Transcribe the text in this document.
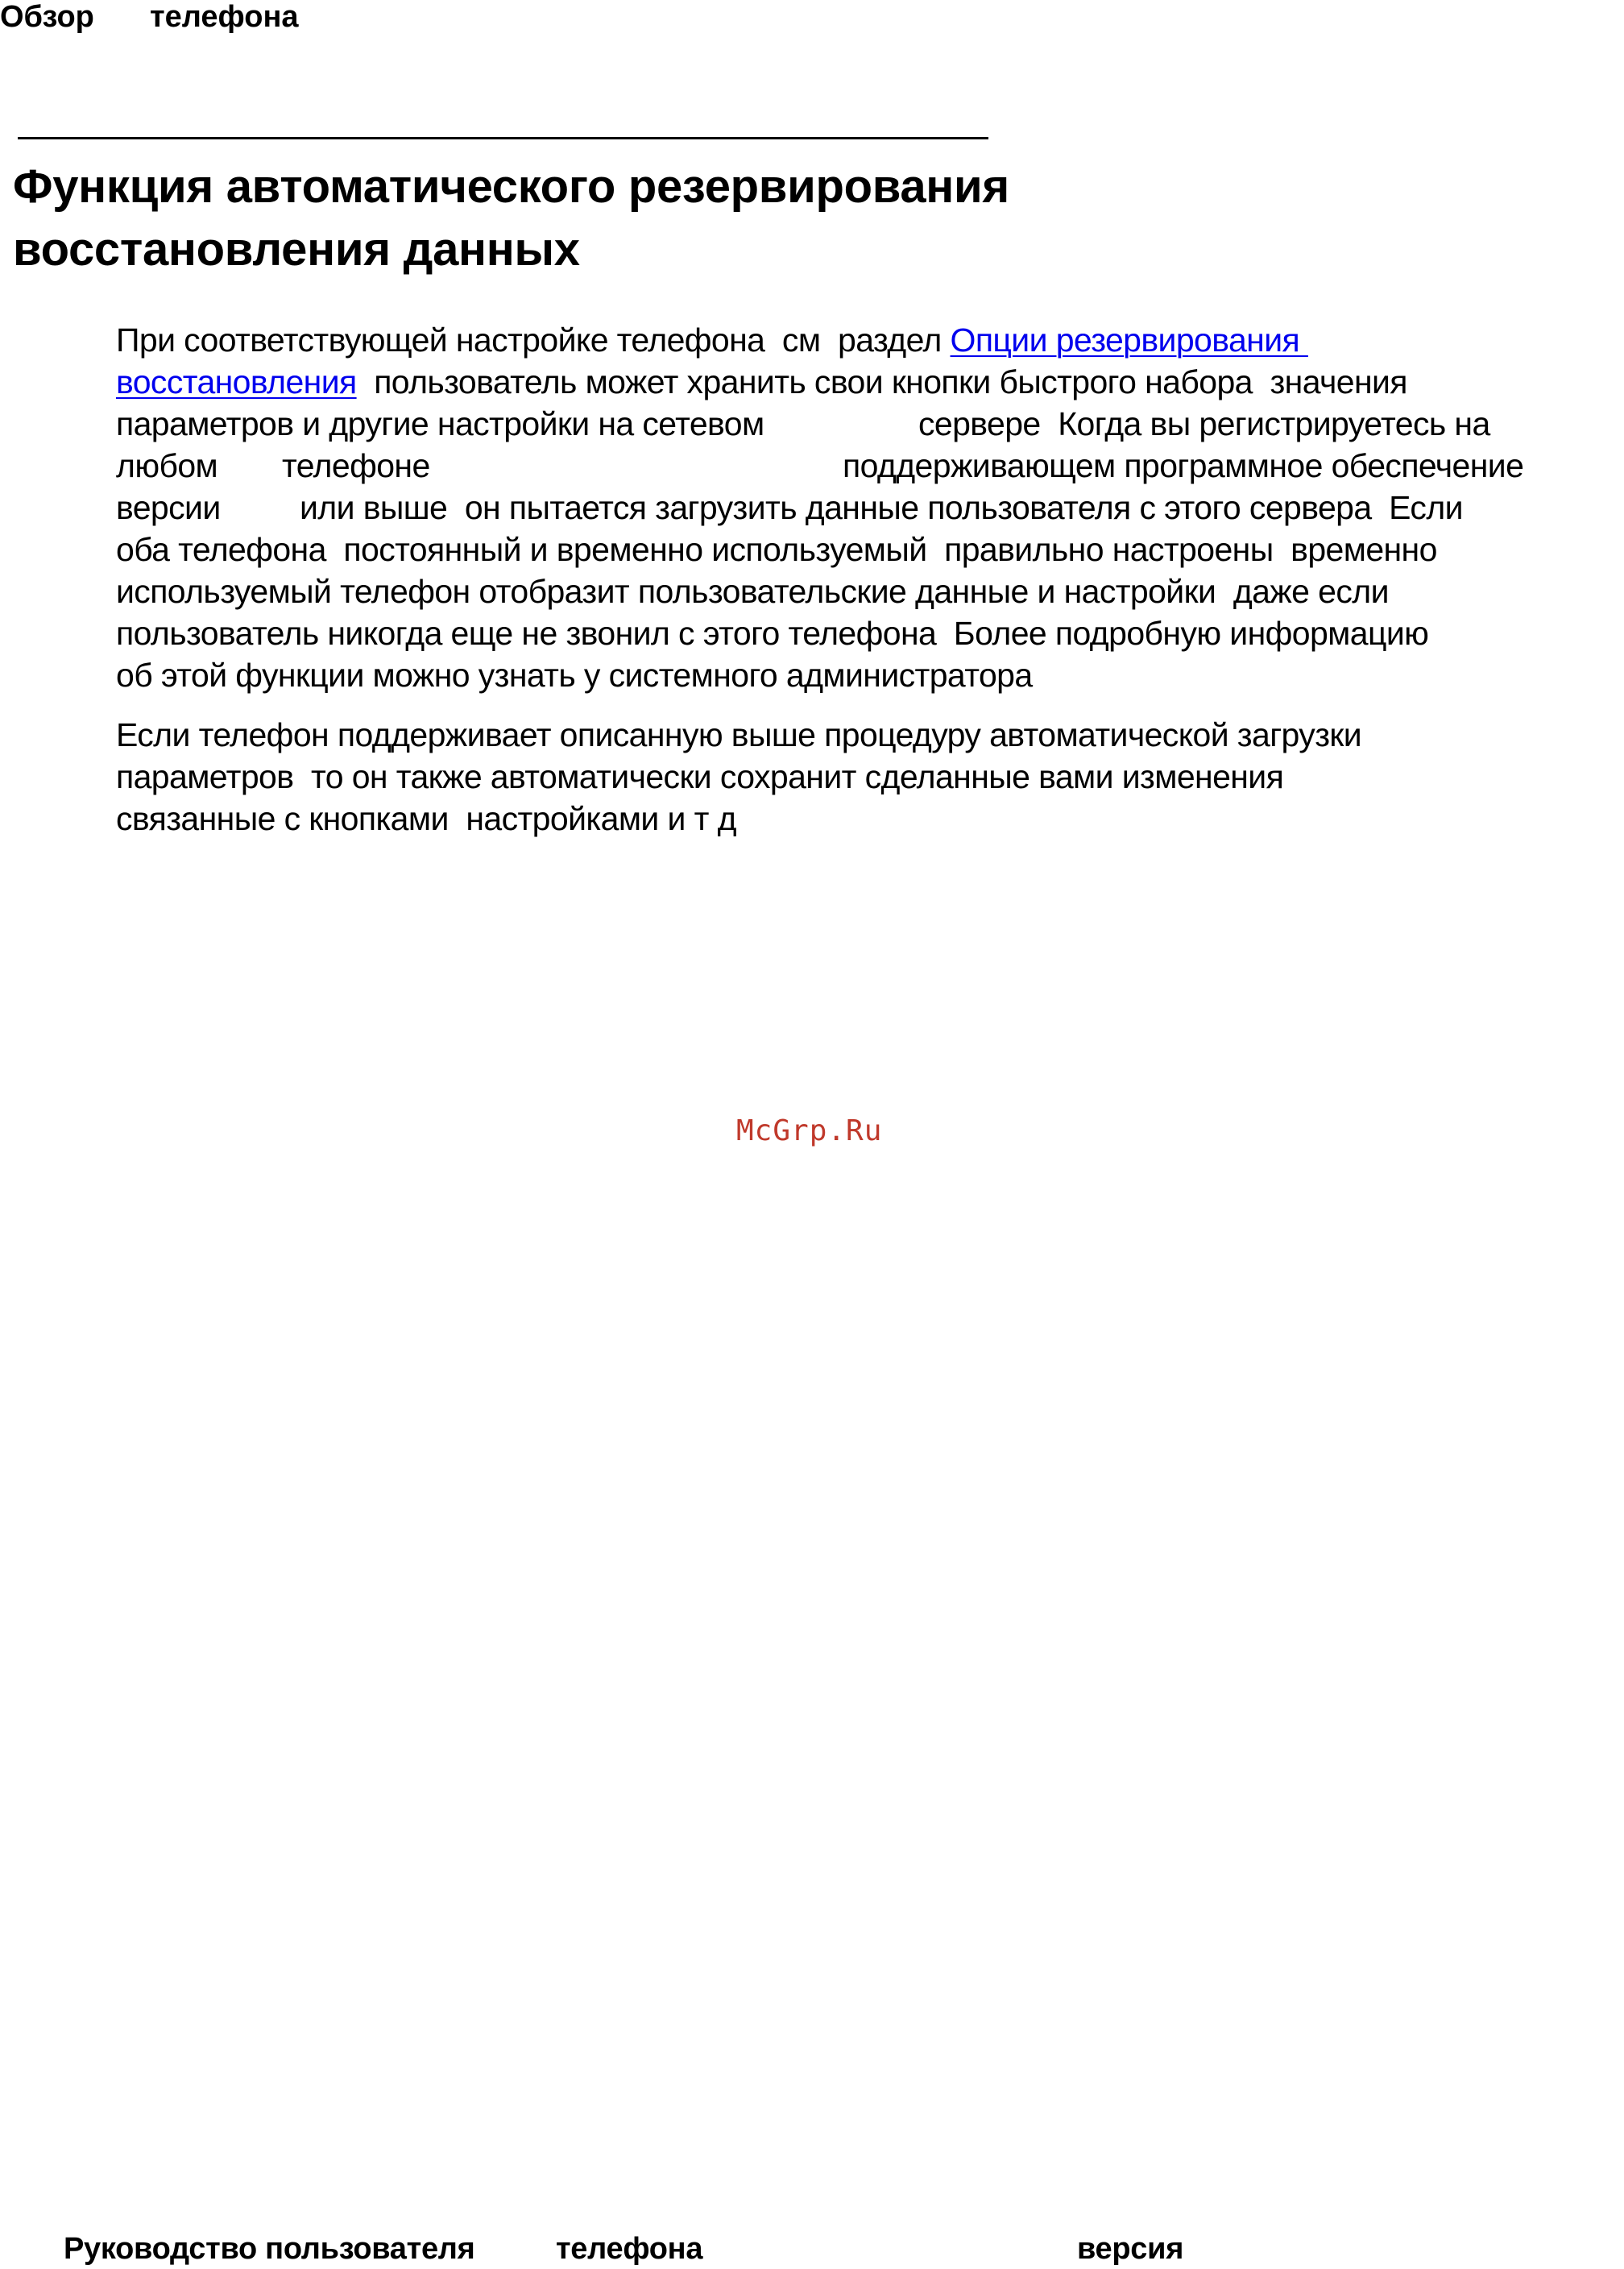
Обзор телефона
Функция автоматического резервирования
восстановления данных
При соответствующей настройке телефона  см  раздел Опции резервирования
восстановления  пользователь может хранить свои кнопки быстрого набора  значения
параметров и другие настройки на сетевом	сервере  Когда вы регистрируетесь на
любом телефоне	поддерживающем программное обеспечение
версии или выше  он пытается загрузить данные пользователя с этого сервера  Если
оба телефона  постоянный и временно используемый  правильно настроены  временно
используемый телефон отобразит пользовательские данные и настройки  даже если
пользователь никогда еще не звонил с этого телефона  Более подробную информацию
об этой функции можно узнать у системного администратора
Если телефон поддерживает описанную выше процедуру автоматической загрузки
параметров  то он также автоматически сохранит сделанные вами изменения
связанные с кнопками  настройками и т д
McGrp.Ru
Руководство пользователя	телефона	версия
